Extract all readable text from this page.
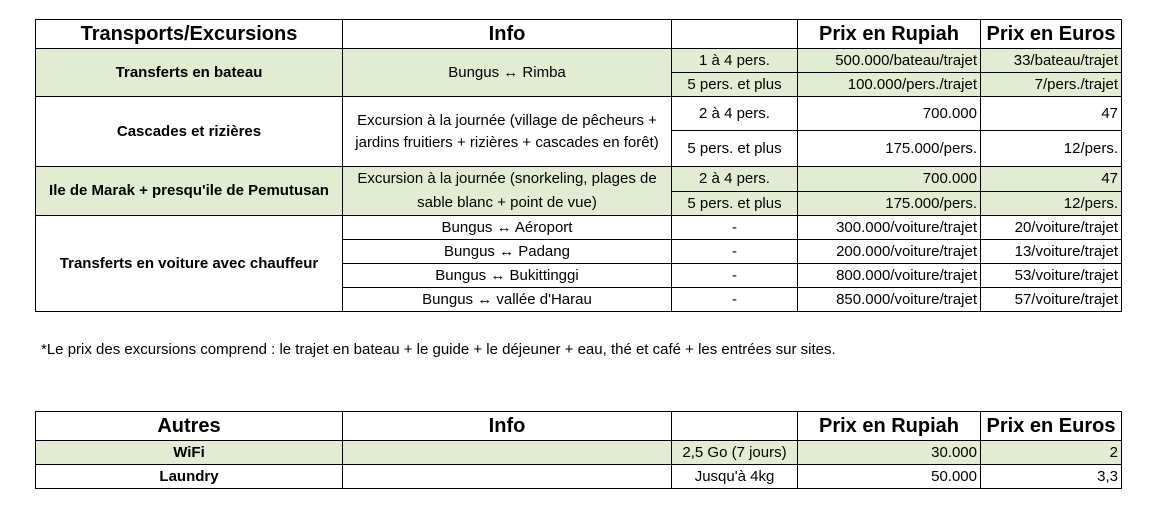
Transports/Excursions	Info		Prix en Rupiah	Prix en Euros
Transferts en bateau	Bungus ↔ Rimba	1 à 4 pers.	500.000/bateau/trajet	33/bateau/trajet
		5 pers. et plus	100.000/pers./trajet	7/pers./trajet
Cascades et rizières	Excursion à la journée (village de pêcheurs + jardins fruitiers + rizières + cascades en forêt)	2 à 4 pers.	700.000	47
		5 pers. et plus	175.000/pers.	12/pers.
Ile de Marak + presqu'ile de Pemutusan	Excursion à la journée (snorkeling, plages de sable blanc + point de vue)	2 à 4 pers.	700.000	47
		5 pers. et plus	175.000/pers.	12/pers.
Transferts en voiture avec chauffeur	Bungus ↔ Aéroport	-	300.000/voiture/trajet	20/voiture/trajet
	Bungus ↔ Padang	-	200.000/voiture/trajet	13/voiture/trajet
	Bungus ↔ Bukittinggi	-	800.000/voiture/trajet	53/voiture/trajet
	Bungus ↔ vallée d'Harau	-	850.000/voiture/trajet	57/voiture/trajet
*Le prix des excursions comprend : le trajet en bateau + le guide + le déjeuner + eau, thé et café + les entrées sur sites.
Autres	Info		Prix en Rupiah	Prix en Euros
WiFi		2,5 Go (7 jours)	30.000	2
Laundry		Jusqu'à 4kg	50.000	3,3
